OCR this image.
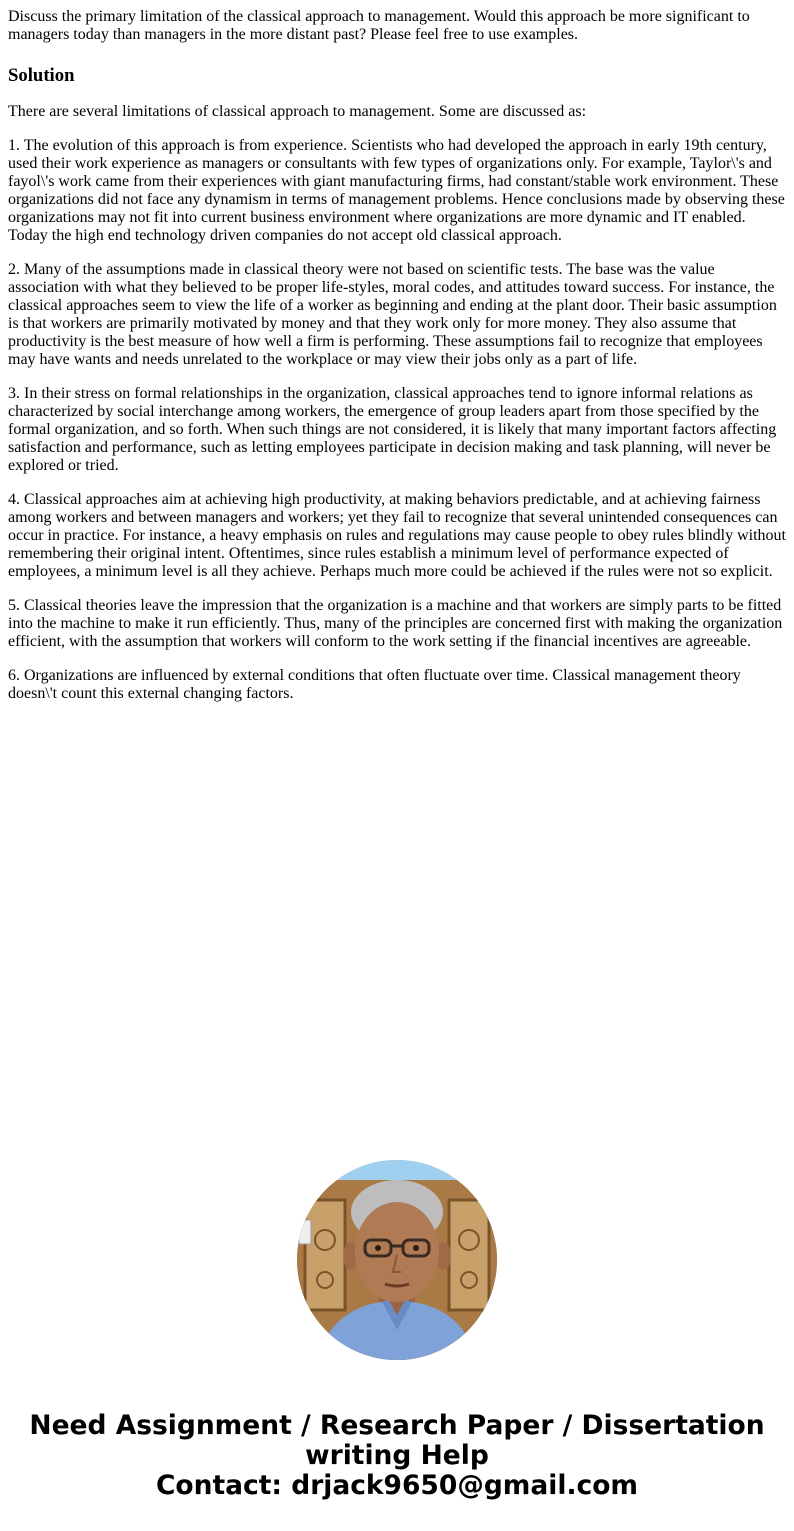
Discuss the primary limitation of the classical approach to management. Would this approach be more significant to managers today than managers in the more distant past? Please feel free to use examples.
Solution

There are several limitations of classical approach to management. Some are discussed as:

1. The evolution of this approach is from experience. Scientists who had developed the approach in early 19th century, used their work experience as managers or consultants with few types of organizations only. For example, Taylor\'s and fayol\'s work came from their experiences with giant manufacturing firms, had constant/stable work environment. These organizations did not face any dynamism in terms of management problems. Hence conclusions made by observing these organizations may not fit into current business environment where organizations are more dynamic and IT enabled. Today the high end technology driven companies do not accept old classical approach.

2. Many of the assumptions made in classical theory were not based on scientific tests. The base was the value association with what they believed to be proper life-styles, moral codes, and attitudes toward success. For instance, the classical approaches seem to view the life of a worker as beginning and ending at the plant door. Their basic assumption is that workers are primarily motivated by money and that they work only for more money. They also assume that productivity is the best measure of how well a firm is performing. These assumptions fail to recognize that employees may have wants and needs unrelated to the workplace or may view their jobs only as a part of life.

3. In their stress on formal relationships in the organization, classical approaches tend to ignore informal relations as characterized by social interchange among workers, the emergence of group leaders apart from those specified by the formal organization, and so forth. When such things are not considered, it is likely that many important factors affecting satisfaction and performance, such as letting employees participate in decision making and task planning, will never be explored or tried.

4. Classical approaches aim at achieving high productivity, at making behaviors predictable, and at achieving fairness among workers and between managers and workers; yet they fail to recognize that several unintended consequences can occur in practice. For instance, a heavy emphasis on rules and regulations may cause people to obey rules blindly without remembering their original intent. Oftentimes, since rules establish a minimum level of performance expected of employees, a minimum level is all they achieve. Perhaps much more could be achieved if the rules were not so explicit.

5. Classical theories leave the impression that the organization is a machine and that workers are simply parts to be fitted into the machine to make it run efficiently. Thus, many of the principles are concerned first with making the organization efficient, with the assumption that workers will conform to the work setting if the financial incentives are agreeable.

6. Organizations are influenced by external conditions that often fluctuate over time. Classical management theory doesn\'t count this external changing factors.

Need Assignment / Research Paper / Dissertation
writing Help
Contact: drjack9650@gmail.com
